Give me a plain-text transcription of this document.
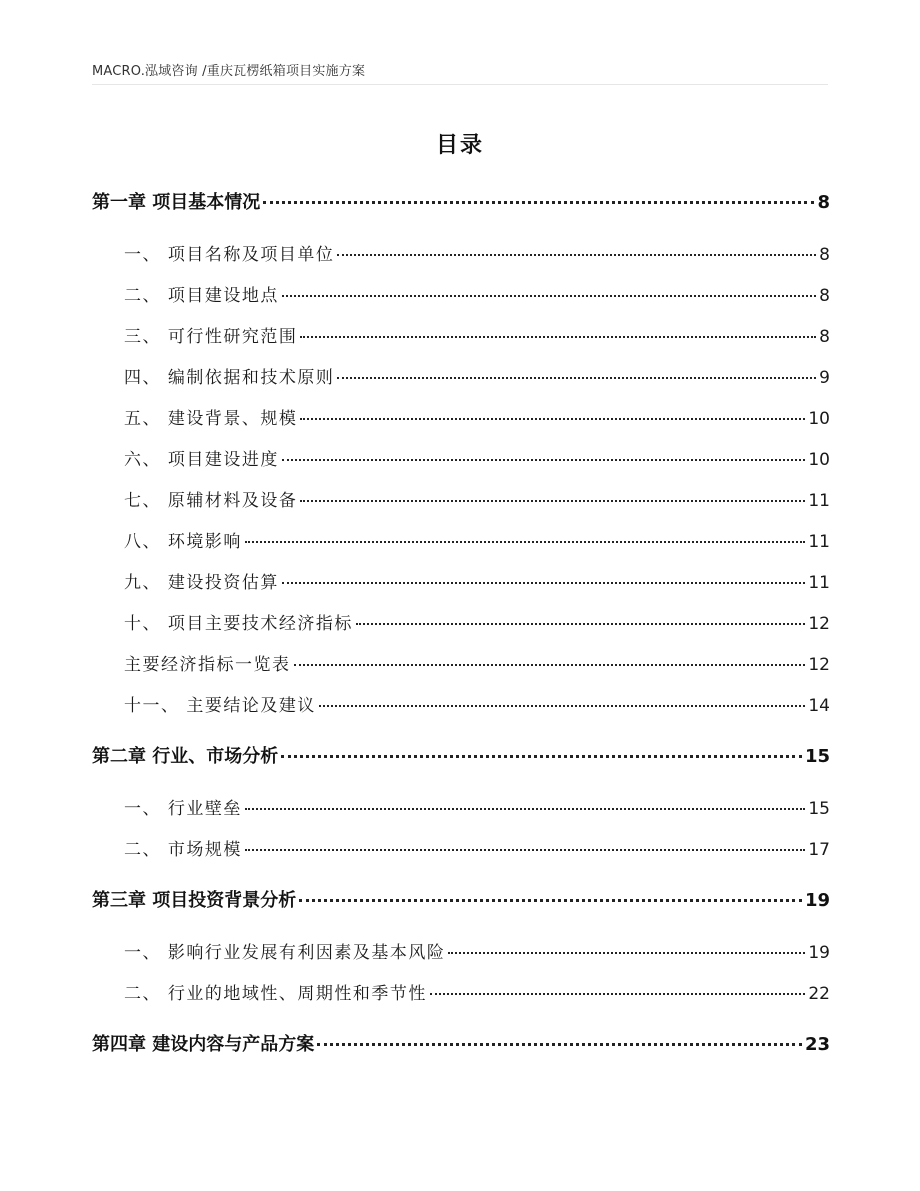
MACRO.泓域咨询 /重庆瓦楞纸箱项目实施方案
目录
第一章 项目基本情况	8
一、 项目名称及项目单位	8
二、 项目建设地点	8
三、 可行性研究范围	8
四、 编制依据和技术原则	9
五、 建设背景、规模	10
六、 项目建设进度	10
七、 原辅材料及设备	11
八、 环境影响	11
九、 建设投资估算	11
十、 项目主要技术经济指标	12
主要经济指标一览表	12
十一、 主要结论及建议	14
第二章 行业、市场分析	15
一、 行业壁垒	15
二、 市场规模	17
第三章 项目投资背景分析	19
一、 影响行业发展有利因素及基本风险	19
二、 行业的地域性、周期性和季节性	22
第四章 建设内容与产品方案	23
